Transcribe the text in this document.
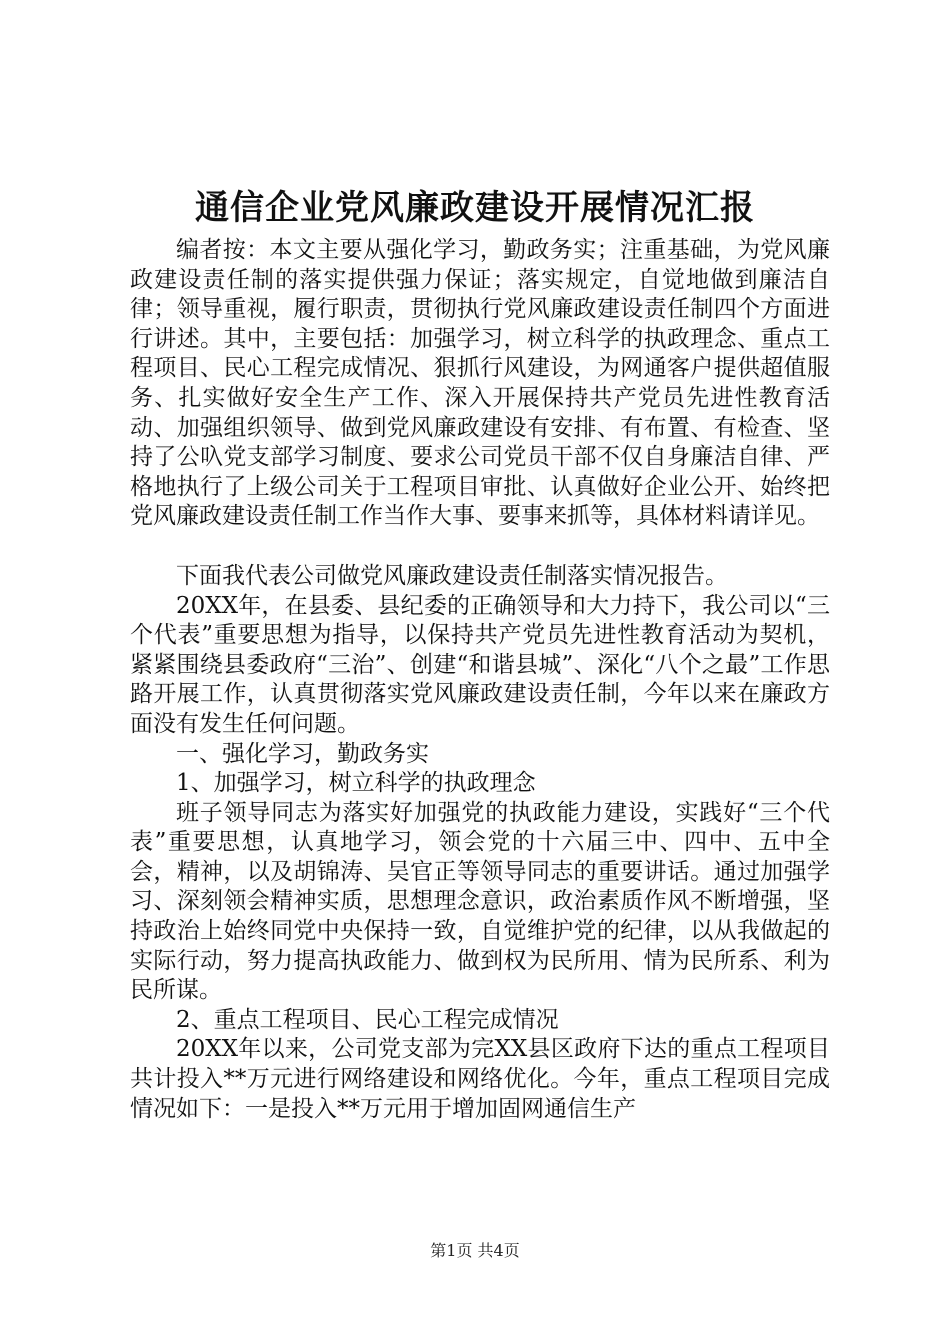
通信企业党风廉政建设开展情况汇报

编者按：本文主要从强化学习，勤政务实；注重基础，为党风廉政建设责任制的落实提供强力保证；落实规定，自觉地做到廉洁自律；领导重视，履行职责，贯彻执行党风廉政建设责任制四个方面进行讲述。其中，主要包括：加强学习，树立科学的执政理念、重点工程项目、民心工程完成情况、狠抓行风建设，为网通客户提供超值服务、扎实做好安全生产工作、深入开展保持共产党员先进性教育活动、加强组织领导、做到党风廉政建设有安排、有布置、有检查、坚持了公叺党支部学习制度、要求公司党员干部不仅自身廉洁自律、严格地执行了上级公司关于工程项目审批、认真做好企业公开、始终把党风廉政建设责任制工作当作大事、要事来抓等，具体材料请详见。

下面我代表公司做党风廉政建设责任制落实情况报告。

20XX年，在县委、县纪委的正确领导和大力持下，我公司以“三个代表”重要思想为指导，以保持共产党员先进性教育活动为契机，紧紧围绕县委政府“三治”、创建“和谐县城”、深化“八个之最”工作思路开展工作，认真贯彻落实党风廉政建设责任制，今年以来在廉政方面没有发生任何问题。

一、强化学习，勤政务实

1、加强学习，树立科学的执政理念

班子领导同志为落实好加强党的执政能力建设，实践好“三个代表”重要思想，认真地学习，领会党的十六届三中、四中、五中全会，精神，以及胡锦涛、吴官正等领导同志的重要讲话。通过加强学习、深刻领会精神实质，思想理念意识，政治素质作风不断增强，坚持政治上始终同党中央保持一致，自觉维护党的纪律，以从我做起的实际行动，努力提高执政能力、做到权为民所用、情为民所系、利为民所谋。

2、重点工程项目、民心工程完成情况

20XX年以来，公司党支部为完XX县区政府下达的重点工程项目共计投入**万元进行网络建设和网络优化。今年，重点工程项目完成情况如下：一是投入**万元用于增加固网通信生产

第1页 共4页
